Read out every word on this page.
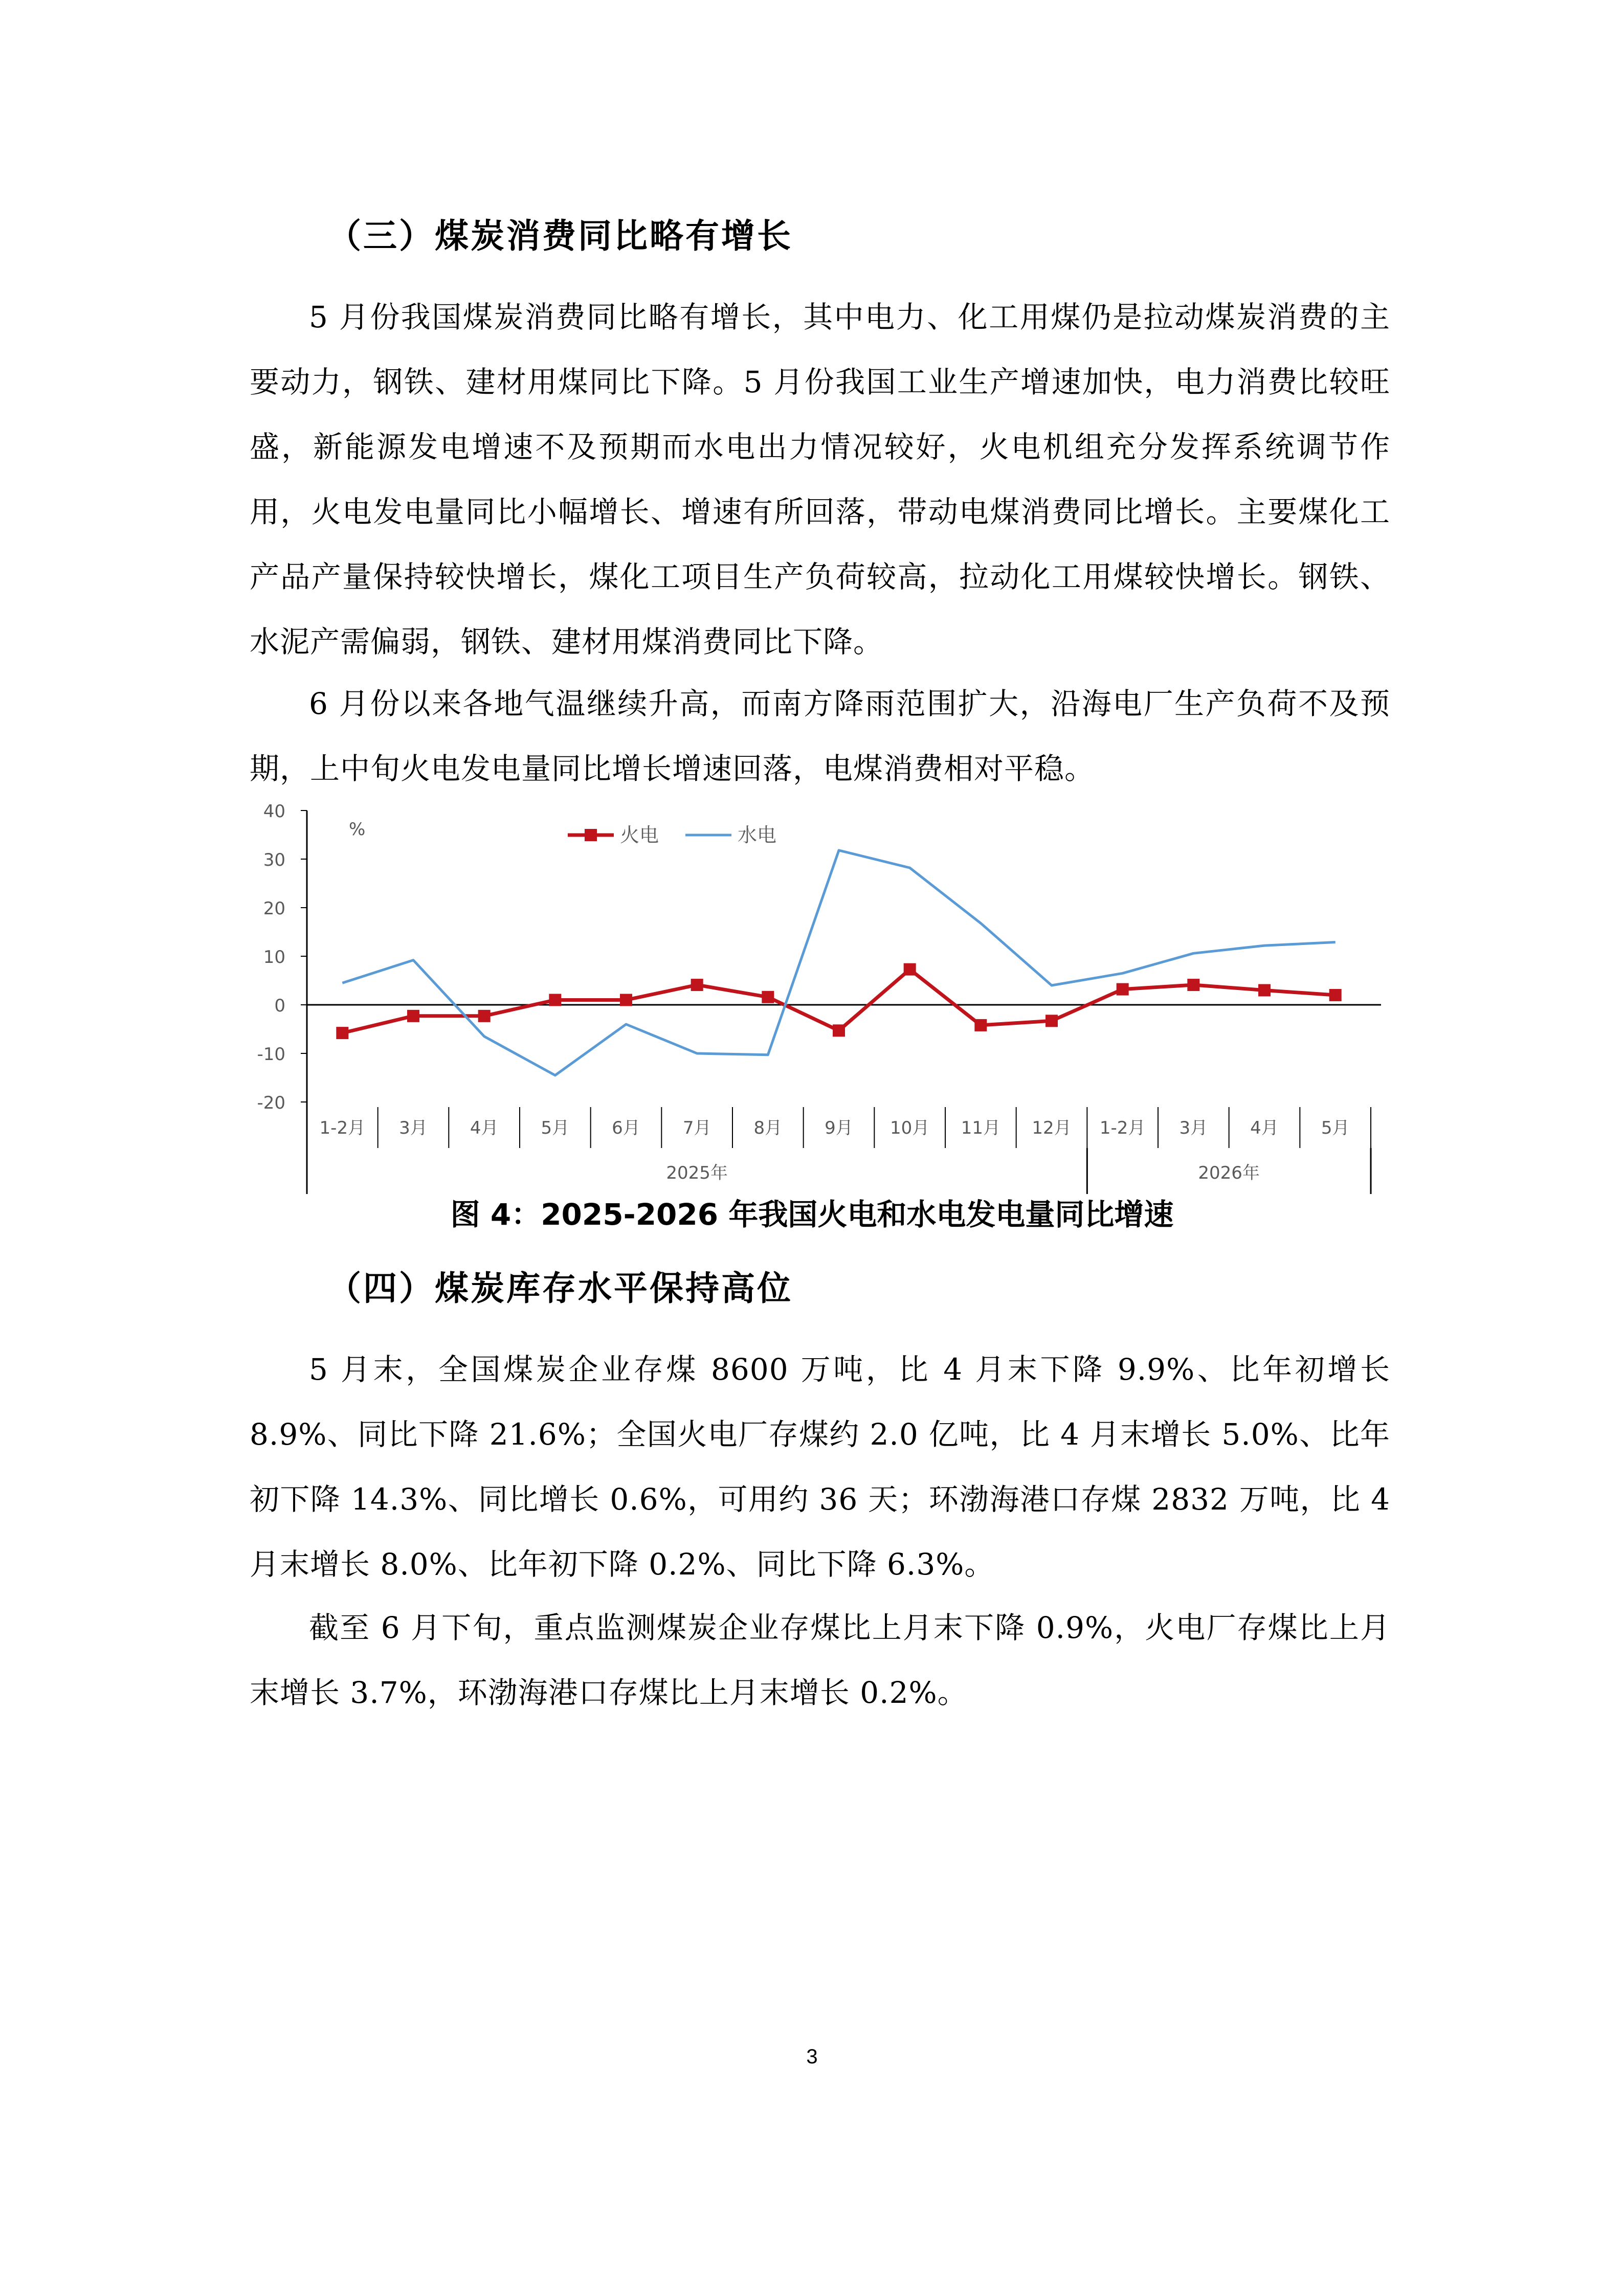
（三）煤炭消费同比略有增长

5 月份我国煤炭消费同比略有增长，其中电力、化工用煤仍是拉动煤炭消费的主要动力，钢铁、建材用煤同比下降。5 月份我国工业生产增速加快，电力消费比较旺盛，新能源发电增速不及预期而水电出力情况较好，火电机组充分发挥系统调节作用，火电发电量同比小幅增长、增速有所回落，带动电煤消费同比增长。主要煤化工产品产量保持较快增长，煤化工项目生产负荷较高，拉动化工用煤较快增长。钢铁、水泥产需偏弱，钢铁、建材用煤消费同比下降。

6 月份以来各地气温继续升高，而南方降雨范围扩大，沿海电厂生产负荷不及预期，上中旬火电发电量同比增长增速回落，电煤消费相对平稳。

40
30
20
10
0
-10
-20
%
1-2月 3月 4月 5月 6月 7月 8月 9月 10月 11月 12月 1-2月 3月 4月 5月
2025年	2026年
火电	水电

图 4：2025-2026 年我国火电和水电发电量同比增速

（四）煤炭库存水平保持高位

5 月末，全国煤炭企业存煤 8600 万吨，比 4 月末下降 9.9%、比年初增长 8.9%、同比下降 21.6%；全国火电厂存煤约 2.0 亿吨，比 4 月末增长 5.0%、比年初下降 14.3%、同比增长 0.6%，可用约 36 天；环渤海港口存煤 2832 万吨，比 4 月末增长 8.0%、比年初下降 0.2%、同比下降 6.3%。

截至 6 月下旬，重点监测煤炭企业存煤比上月末下降 0.9%，火电厂存煤比上月末增长 3.7%，环渤海港口存煤比上月末增长 0.2%。

3
